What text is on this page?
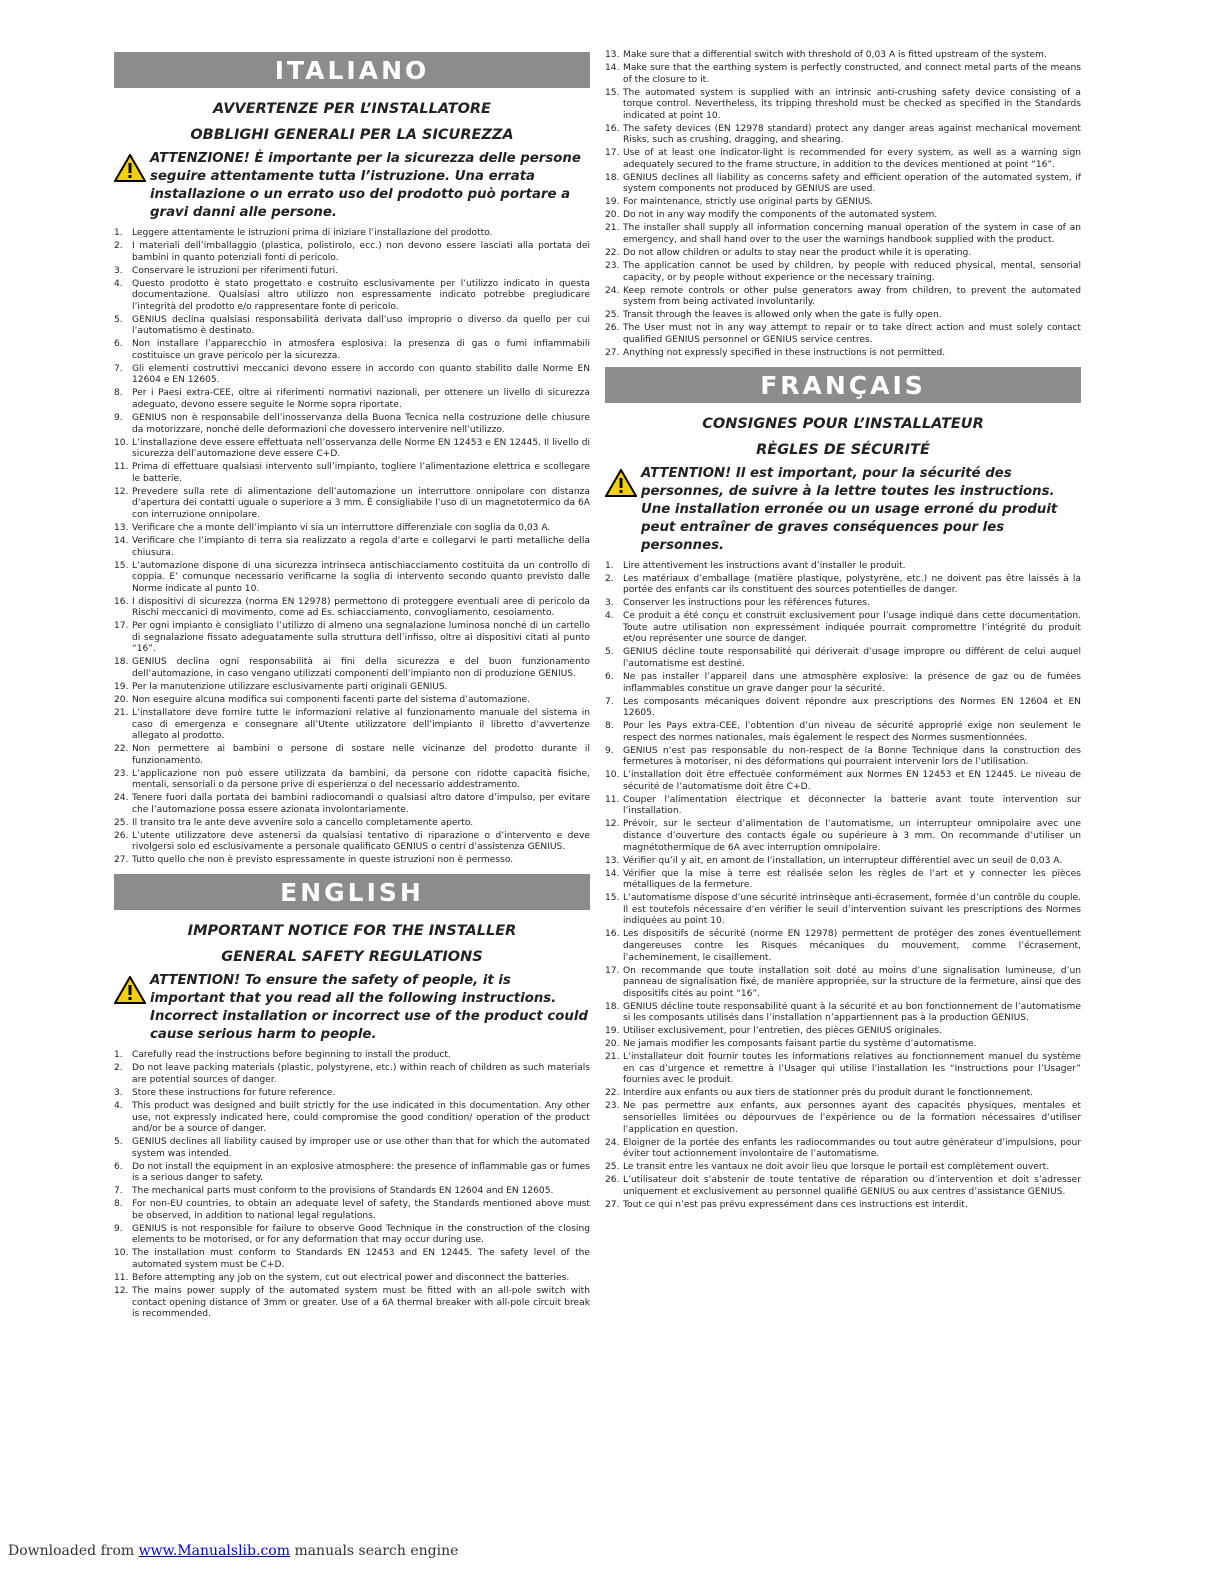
ITALIANO

AVVERTENZE PER L’INSTALLATORE

OBBLIGHI GENERALI PER LA SICUREZZA

ATTENZIONE! È importante per la sicurezza delle persone seguire attentamente tutta l’istruzione. Una errata installazione o un errato uso del prodotto può portare a gravi danni alle persone.
1.	Leggere attentamente le istruzioni prima di iniziare l’installazione del prodotto.
2.	I materiali dell’imballaggio (plastica, polistirolo, ecc.) non devono essere lasciati alla portata dei bambini in quanto potenziali fonti di pericolo.
3.	Conservare le istruzioni per riferimenti futuri.
4.	Questo prodotto è stato progettato e costruito esclusivamente per l’utilizzo indicato in questa documentazione. Qualsiasi altro utilizzo non espressamente indicato potrebbe pregiudicare l’integrità del prodotto e/o rappresentare fonte di pericolo.
5.	GENIUS declina qualsiasi responsabilità derivata dall’uso improprio o diverso da quello per cui l’automatismo è destinato.
6.	Non installare l’apparecchio in atmosfera esplosiva: la presenza di gas o fumi infiammabili costituisce un grave pericolo per la sicurezza.
7.	Gli elementi costruttivi meccanici devono essere in accordo con quanto stabilito dalle Norme EN 12604 e EN 12605.
8.	Per i Paesi extra-CEE, oltre ai riferimenti normativi nazionali, per ottenere un livello di sicurezza adeguato, devono essere seguite le Norme sopra riportate.
9.	GENIUS non è responsabile dell’inosservanza della Buona Tecnica nella costruzione delle chiusure da motorizzare, nonché delle deformazioni che dovessero intervenire nell’utilizzo.
10. L’installazione deve essere effettuata nell’osservanza delle Norme EN 12453 e EN 12445. Il livello di sicurezza dell’automazione deve essere C+D.
11. Prima di effettuare qualsiasi intervento sull’impianto, togliere l’alimentazione elettrica e scollegare le batterie.
12. Prevedere sulla rete di alimentazione dell’automazione un interruttore onnipolare con distanza d’apertura dei contatti uguale o superiore a 3 mm. È consigliabile l’uso di un magnetotermico da 6A con interruzione onnipolare.
13. Verificare che a monte dell’impianto vi sia un interruttore differenziale con soglia da 0,03 A.
14. Verificare che l’impianto di terra sia realizzato a regola d’arte e collegarvi le parti metalliche della chiusura.
15. L’automazione dispone di una sicurezza intrinseca antischiacciamento costituita da un controllo di coppia. E’ comunque necessario verificarne la soglia di intervento secondo quanto previsto dalle Norme indicate al punto 10.
16. I dispositivi di sicurezza (norma EN 12978) permettono di proteggere eventuali aree di pericolo da Rischi meccanici di movimento, come ad Es. schiacciamento, convogliamento, cesoiamento.
17. Per ogni impianto è consigliato l’utilizzo di almeno una segnalazione luminosa nonché di un cartello di segnalazione fissato adeguatamente sulla struttura dell’infisso, oltre ai dispositivi citati al punto “16”.
18. GENIUS declina ogni responsabilità ai fini della sicurezza e del buon funzionamento dell’automazione, in caso vengano utilizzati componenti dell’impianto non di produzione GENIUS.
19. Per la manutenzione utilizzare esclusivamente parti originali GENIUS.
20. Non eseguire alcuna modifica sui componenti facenti parte del sistema d’automazione.
21. L’installatore deve fornire tutte le informazioni relative al funzionamento manuale del sistema in caso di emergenza e consegnare all’Utente utilizzatore dell’impianto il libretto d’avvertenze allegato al prodotto.
22. Non permettere ai bambini o persone di sostare nelle vicinanze del prodotto durante il funzionamento.
23. L’applicazione non può essere utilizzata da bambini, da persone con ridotte capacità fisiche, mentali, sensoriali o da persone prive di esperienza o del necessario addestramento.
24. Tenere fuori dalla portata dei bambini radiocomandi o qualsiasi altro datore d’impulso, per evitare che l’automazione possa essere azionata involontariamente.
25. Il transito tra le ante deve avvenire solo a cancello completamente aperto.
26. L’utente utilizzatore deve astenersi da qualsiasi tentativo di riparazione o d’intervento e deve rivolgersi solo ed esclusivamente a personale qualificato GENIUS o centri d’assistenza GENIUS.
27. Tutto quello che non è previsto espressamente in queste istruzioni non è permesso.
ENGLISH

IMPORTANT NOTICE FOR THE INSTALLER

GENERAL SAFETY REGULATIONS

ATTENTION! To ensure the safety of people, it is important that you read all the following instructions. Incorrect installation or incorrect use of the product could cause serious harm to people.
1.	Carefully read the instructions before beginning to install the product.
2.	Do not leave packing materials (plastic, polystyrene, etc.) within reach of children as such materials are potential sources of danger.
3.	Store these instructions for future reference.
4.	This product was designed and built strictly for the use indicated in this documentation. Any other use, not expressly indicated here, could compromise the good condition/ operation of the product and/or be a source of danger.
5.	GENIUS declines all liability caused by improper use or use other than that for which the automated system was intended.
6.	Do not install the equipment in an explosive atmosphere: the presence of inflammable gas or fumes is a serious danger to safety.
7.	The mechanical parts must conform to the provisions of Standards EN 12604 and EN 12605.
8.	For non-EU countries, to obtain an adequate level of safety, the Standards mentioned above must be observed, in addition to national legal regulations.
9.	GENIUS is not responsible for failure to observe Good Technique in the construction of the closing elements to be motorised, or for any deformation that may occur during use.
10. The installation must conform to Standards EN 12453 and EN 12445. The safety level of the automated system must be C+D.
11. Before attempting any job on the system, cut out electrical power and disconnect the batteries.
12. The mains power supply of the automated system must be fitted with an all-pole switch with contact opening distance of 3mm or greater. Use of a 6A thermal breaker with all-pole circuit break is recommended.
13. Make sure that a differential switch with threshold of 0,03 A is fitted upstream of the system.
14. Make sure that the earthing system is perfectly constructed, and connect metal parts of the means of the closure to it.
15. The automated system is supplied with an intrinsic anti-crushing safety device consisting of a torque control. Nevertheless, its tripping threshold must be checked as specified in the Standards indicated at point 10.
16. The safety devices (EN 12978 standard) protect any danger areas against mechanical movement Risks, such as crushing, dragging, and shearing.
17. Use of at least one indicator-light is recommended for every system, as well as a warning sign adequately secured to the frame structure, in addition to the devices mentioned at point “16”.
18. GENIUS declines all liability as concerns safety and efficient operation of the automated system, if system components not produced by GENIUS are used.
19. For maintenance, strictly use original parts by GENIUS.
20. Do not in any way modify the components of the automated system.
21. The installer shall supply all information concerning manual operation of the system in case of an emergency, and shall hand over to the user the warnings handbook supplied with the product.
22. Do not allow children or adults to stay near the product while it is operating.
23. The application cannot be used by children, by people with reduced physical, mental, sensorial capacity, or by people without experience or the necessary training.
24. Keep remote controls or other pulse generators away from children, to prevent the automated system from being activated involuntarily.
25. Transit through the leaves is allowed only when the gate is fully open.
26. The User must not in any way attempt to repair or to take direct action and must solely contact qualified GENIUS personnel or GENIUS service centres.
27. Anything not expressly specified in these instructions is not permitted.
FRANÇAIS

CONSIGNES POUR L’INSTALLATEUR

RÈGLES DE SÉCURITÉ

ATTENTION! Il est important, pour la sécurité des personnes, de suivre à la lettre toutes les instructions. Une installation erronée ou un usage erroné du produit peut entraîner de graves conséquences pour les personnes.
1.	Lire attentivement les instructions avant d’installer le produit.
2.	Les matériaux d’emballage (matière plastique, polystyrène, etc.) ne doivent pas être laissés à la portée des enfants car ils constituent des sources potentielles de danger.
3.	Conserver les instructions pour les références futures.
4.	Ce produit a été conçu et construit exclusivement pour l’usage indiqué dans cette documentation. Toute autre utilisation non expressément indiquée pourrait compromettre l’intégrité du produit et/ou représenter une source de danger.
5.	GENIUS décline toute responsabilité qui dériverait d’usage impropre ou différent de celui auquel l’automatisme est destiné.
6.	Ne pas installer l’appareil dans une atmosphère explosive: la présence de gaz ou de fumées inflammables constitue un grave danger pour la sécurité.
7.	Les composants mécaniques doivent répondre aux prescriptions des Normes EN 12604 et EN 12605.
8.	Pour les Pays extra-CEE, l’obtention d’un niveau de sécurité approprié exige non seulement le respect des normes nationales, mais également le respect des Normes susmentionnées.
9.	GENIUS n’est pas responsable du non-respect de la Bonne Technique dans la construction des fermetures à motoriser, ni des déformations qui pourraient intervenir lors de l’utilisation.
10. L’installation doit être effectuée conformément aux Normes EN 12453 et EN 12445. Le niveau de sécurité de l’automatisme doit être C+D.
11. Couper l’alimentation électrique et déconnecter la batterie avant toute intervention sur l’installation.
12. Prévoir, sur le secteur d’alimentation de l’automatisme, un interrupteur omnipolaire avec une distance d’ouverture des contacts égale ou supérieure à 3 mm. On recommande d’utiliser un magnétothermique de 6A avec interruption omnipolaire.
13. Vérifier qu’il y ait, en amont de l’installation, un interrupteur différentiel avec un seuil de 0,03 A.
14. Vérifier que la mise à terre est réalisée selon les règles de l’art et y connecter les pièces métalliques de la fermeture.
15. L’automatisme dispose d’une sécurité intrinsèque anti-écrasement, formée d’un contrôle du couple. Il est toutefois nécessaire d’en vérifier le seuil d’intervention suivant les prescriptions des Normes indiquées au point 10.
16. Les dispositifs de sécurité (norme EN 12978) permettent de protéger des zones éventuellement dangereuses contre les Risques mécaniques du mouvement, comme l’écrasement, l’acheminement, le cisaillement.
17. On recommande que toute installation soit doté au moins d’une signalisation lumineuse, d’un panneau de signalisation fixé, de manière appropriée, sur la structure de la fermeture, ainsi que des dispositifs cités au point “16”.
18. GENIUS décline toute responsabilité quant à la sécurité et au bon fonctionnement de l’automatisme si les composants utilisés dans l’installation n’appartiennent pas à la production GENIUS.
19. Utiliser exclusivement, pour l’entretien, des pièces GENIUS originales.
20. Ne jamais modifier les composants faisant partie du système d’automatisme.
21. L’installateur doit fournir toutes les informations relatives au fonctionnement manuel du système en cas d’urgence et remettre à l’Usager qui utilise l’installation les “Instructions pour l’Usager” fournies avec le produit.
22. Interdire aux enfants ou aux tiers de stationner près du produit durant le fonctionnement.
23. Ne pas permettre aux enfants, aux personnes ayant des capacités physiques, mentales et sensorielles limitées ou dépourvues de l’expérience ou de la formation nécessaires d’utiliser l’application en question.
24. Eloigner de la portée des enfants les radiocommandes ou tout autre générateur d’impulsions, pour éviter tout actionnement involontaire de l’automatisme.
25. Le transit entre les vantaux ne doit avoir lieu que lorsque le portail est complètement ouvert.
26. L’utilisateur doit s’abstenir de toute tentative de réparation ou d’intervention et doit s’adresser uniquement et exclusivement au personnel qualifié GENIUS ou aux centres d’assistance GENIUS.
27. Tout ce qui n’est pas prévu expressément dans ces instructions est interdit.
Downloaded from www.Manualslib.com manuals search engine
